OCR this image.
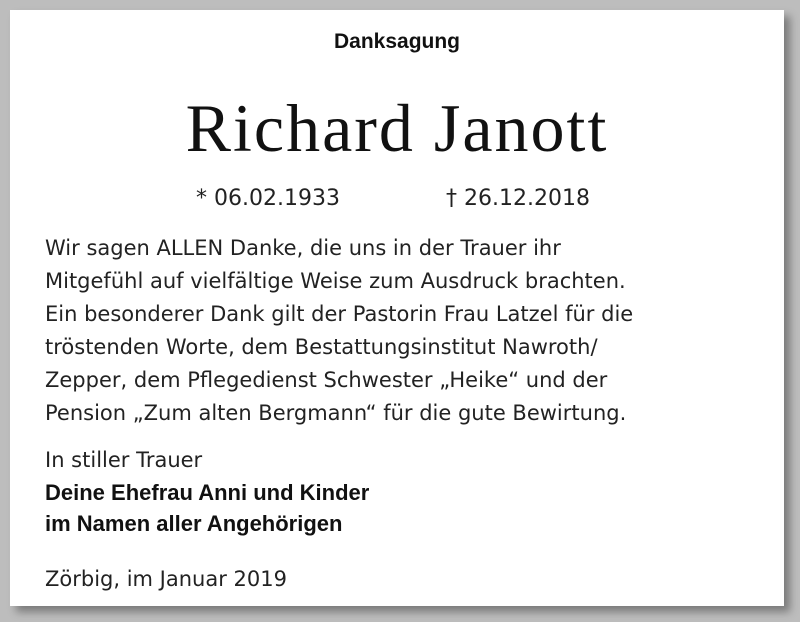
Danksagung
Richard Janott
* 06.02.1933	† 26.12.2018

Wir sagen ALLEN Danke, die uns in der Trauer ihr

Mitgefühl auf vielfältige Weise zum Ausdruck brachten.

Ein besonderer Dank gilt der Pastorin Frau Latzel für die

tröstenden Worte, dem Bestattungsinstitut Nawroth/

Zepper, dem Pflegedienst Schwester „Heike“ und der

Pension „Zum alten Bergmann“ für die gute Bewirtung.

In stiller Trauer
Deine Ehefrau Anni und Kinder
im Namen aller Angehörigen
Zörbig, im Januar 2019
